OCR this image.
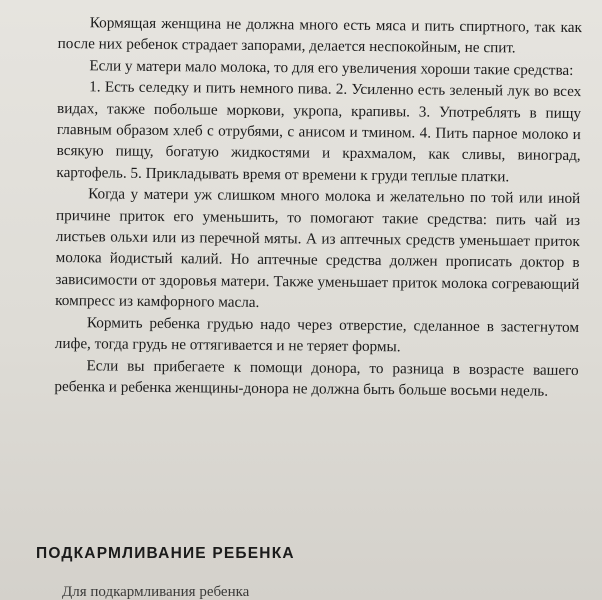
Кормящая женщина не должна много есть мяса и пить спиртного, так как после них ребенок страдает запорами, делается неспокойным, не спит.

Если у матери мало молока, то для его увеличения хороши такие средства:

1. Есть селедку и пить немного пива. 2. Усиленно есть зеленый лук во всех видах, также побольше моркови, укропа, крапивы. 3. Употреблять в пищу главным образом хлеб с отрубями, с анисом и тмином. 4. Пить парное молоко и всякую пищу, богатую жидкостями и крахмалом, как сливы, виноград, картофель. 5. Прикладывать время от времени к груди теплые платки.

Когда у матери уж слишком много молока и желательно по той или иной причине приток его уменьшить, то помогают такие средства: пить чай из листьев ольхи или из перечной мяты. А из аптечных средств уменьшает приток молока йодистый калий. Но аптечные средства должен прописать доктор в зависимости от здоровья матери. Также уменьшает приток молока согревающий компресс из камфорного масла.

Кормить ребенка грудью надо через отверстие, сделанное в застегнутом лифе, тогда грудь не оттягивается и не теряет формы.

Если вы прибегаете к помощи донора, то разница в возрасте вашего ребенка и ребенка женщины-донора не должна быть больше восьми недель.

ПОДКАРМЛИВАНИЕ РЕБЕНКА
Для подкармливания ребенка
